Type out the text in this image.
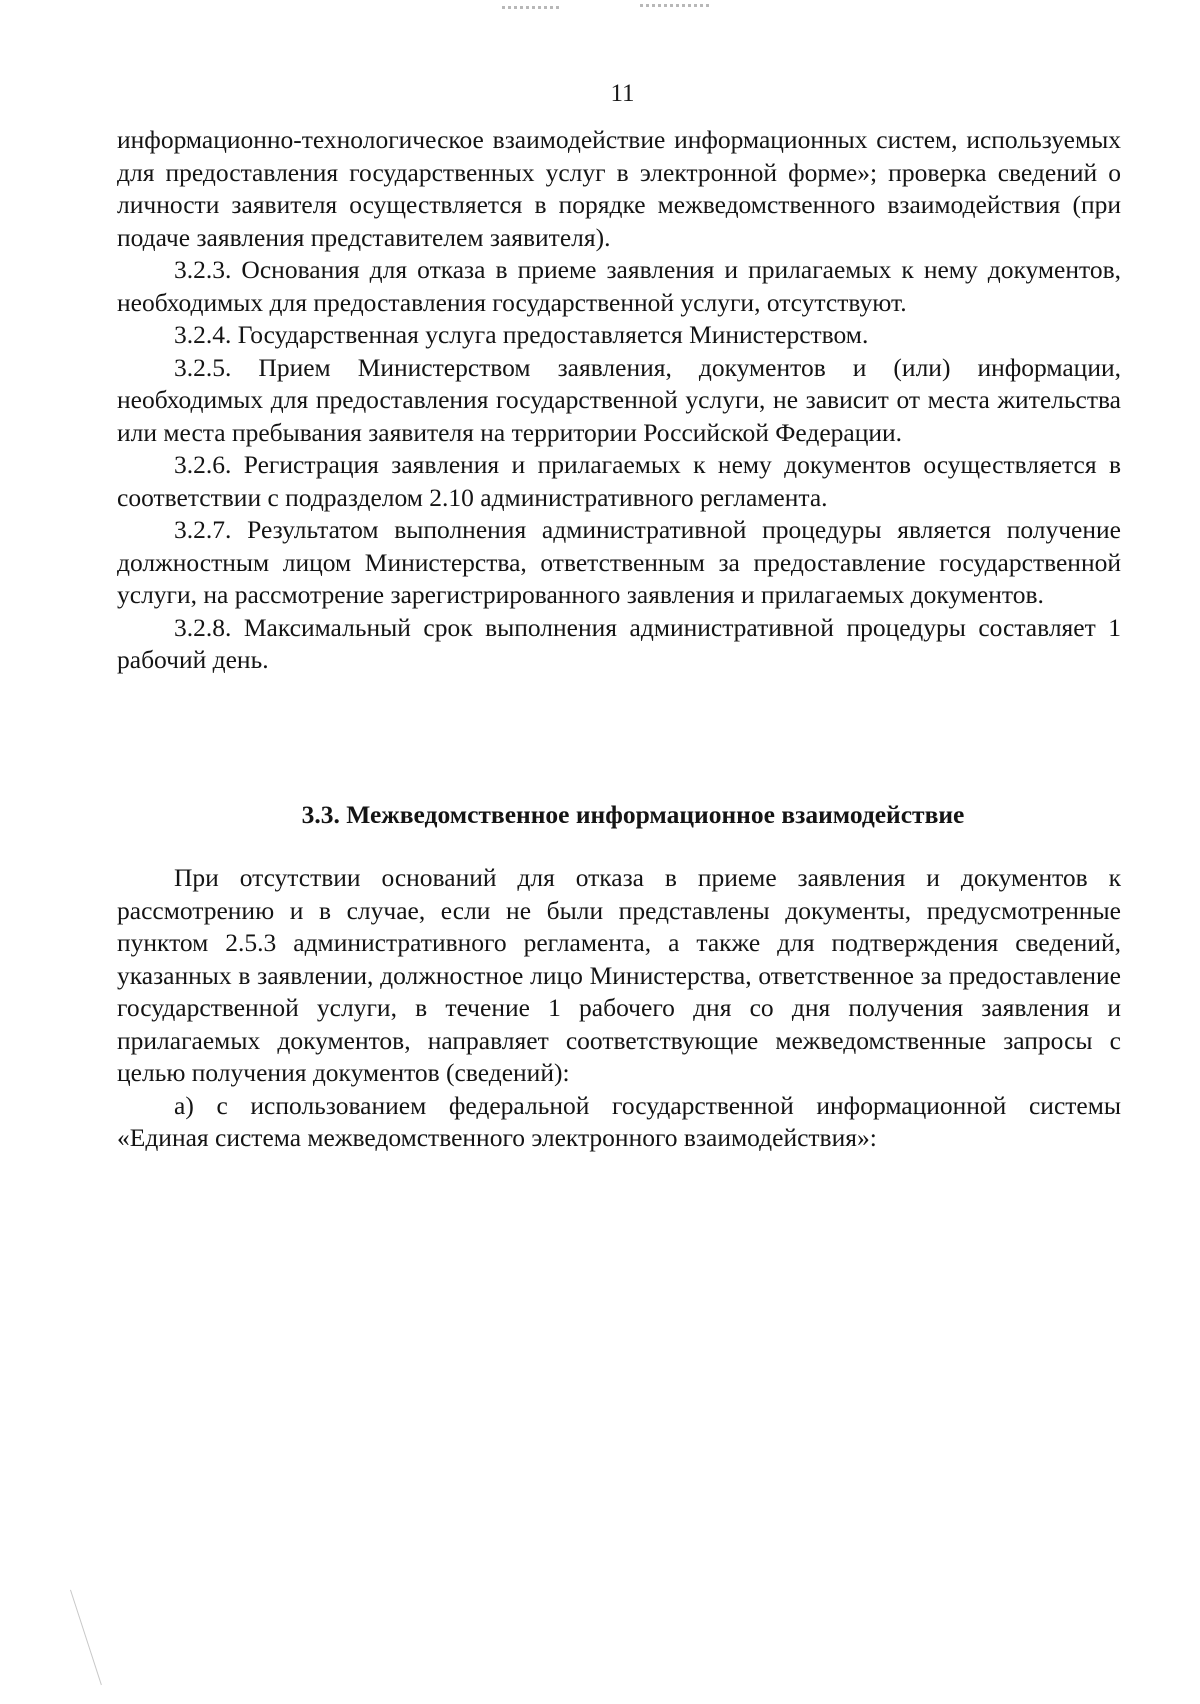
11

информационно-технологическое взаимодействие информационных систем, используемых для предоставления государственных услуг в электронной форме»; проверка сведений о личности заявителя осуществляется в порядке межведомственного взаимодействия (при подаче заявления представителем заявителя).

3.2.3. Основания для отказа в приеме заявления и прилагаемых к нему документов, необходимых для предоставления государственной услуги, отсутствуют.

3.2.4. Государственная услуга предоставляется Министерством.

3.2.5. Прием Министерством заявления, документов и (или) информации, необходимых для предоставления государственной услуги, не зависит от места жительства или места пребывания заявителя на территории Российской Федерации.

3.2.6. Регистрация заявления и прилагаемых к нему документов осуществляется в соответствии с подразделом 2.10 административного регламента.

3.2.7. Результатом выполнения административной процедуры является получение должностным лицом Министерства, ответственным за предоставление государственной услуги, на рассмотрение зарегистрированного заявления и прилагаемых документов.

3.2.8. Максимальный срок выполнения административной процедуры составляет 1 рабочий день.

3.3. Межведомственное информационное взаимодействие

При отсутствии оснований для отказа в приеме заявления и документов к рассмотрению и в случае, если не были представлены документы, предусмотренные пунктом 2.5.3 административного регламента, а также для подтверждения сведений, указанных в заявлении, должностное лицо Министерства, ответственное за предоставление государственной услуги, в течение 1 рабочего дня со дня получения заявления и прилагаемых документов, направляет соответствующие межведомственные запросы с целью получения документов (сведений):

а) с использованием федеральной государственной информационной системы «Единая система межведомственного электронного взаимодействия»:
